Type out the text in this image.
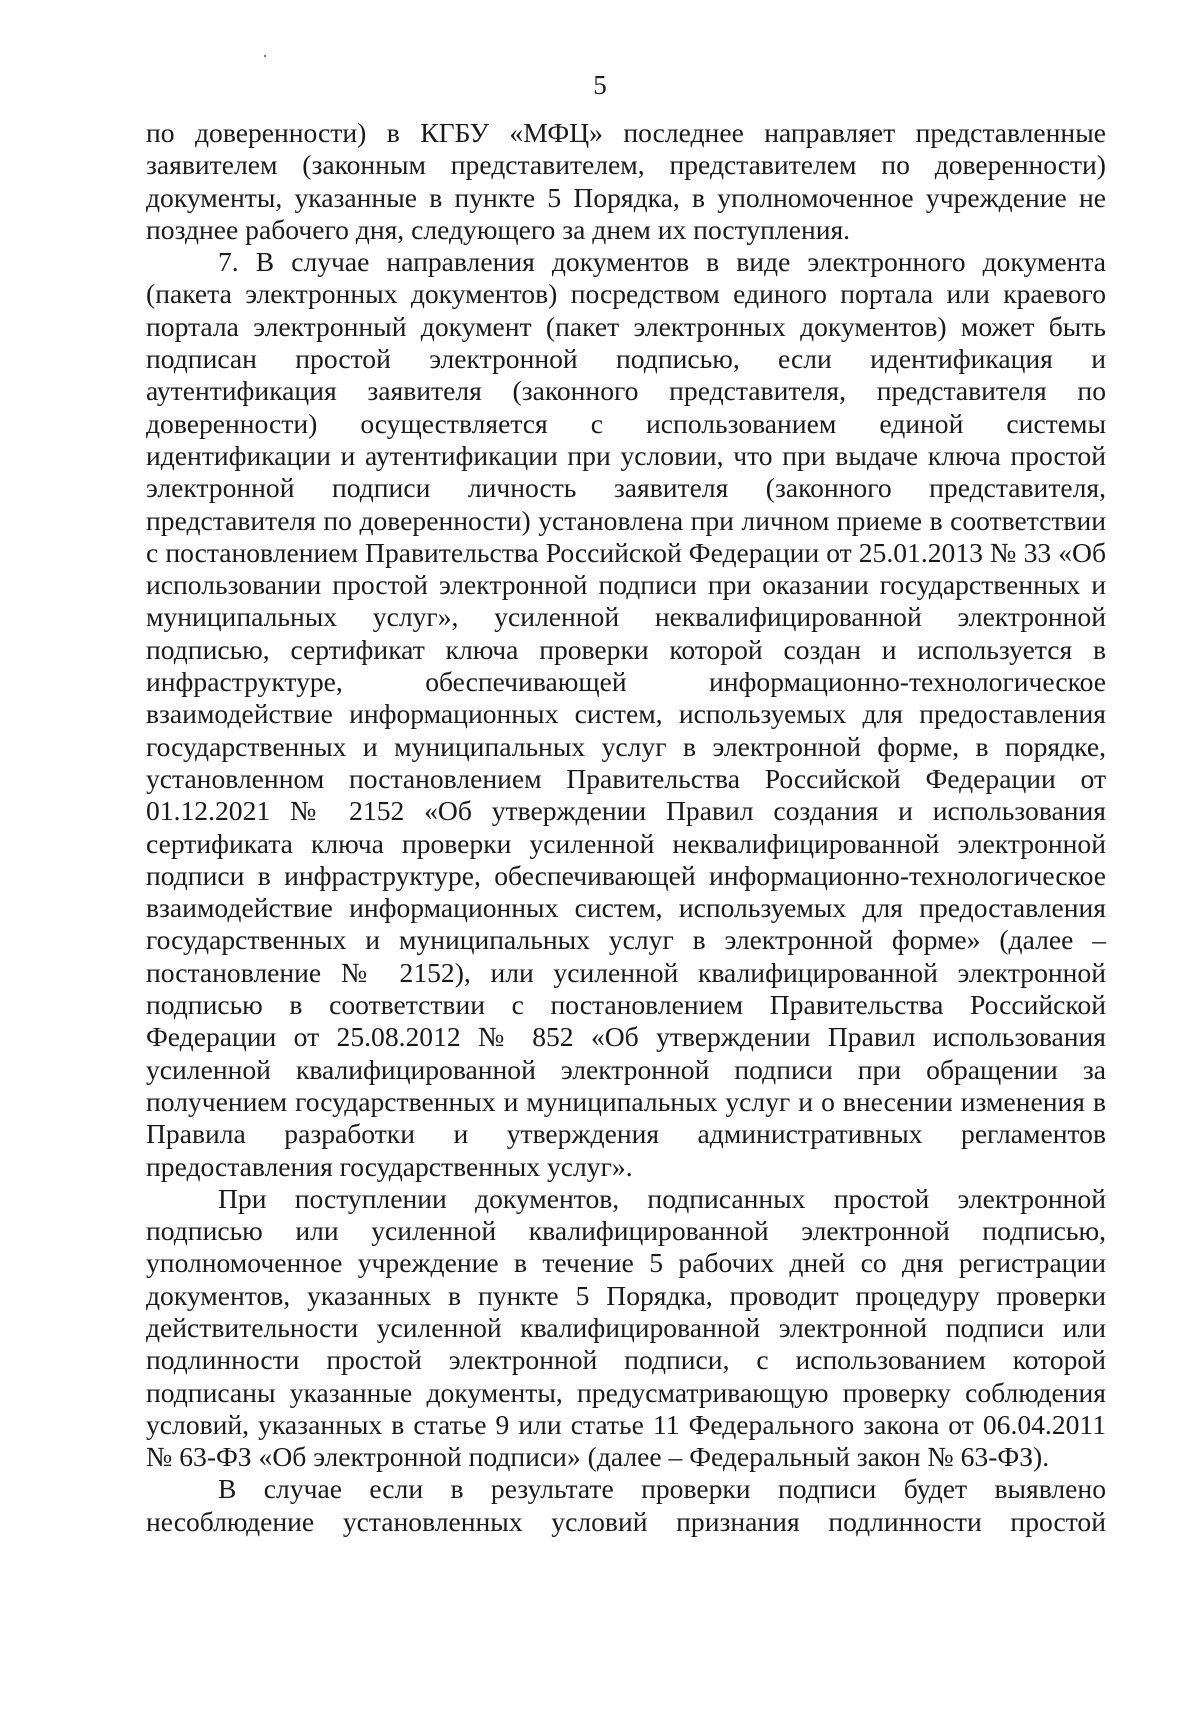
5

по доверенности) в КГБУ «МФЦ» последнее направляет представленные заявителем (законным представителем, представителем по доверенности) документы, указанные в пункте 5 Порядка, в уполномоченное учреждение не позднее рабочего дня, следующего за днем их поступления.

7. В случае направления документов в виде электронного документа (пакета электронных документов) посредством единого портала или краевого портала электронный документ (пакет электронных документов) может быть подписан простой электронной подписью, если идентификация и аутентификация заявителя (законного представителя, представителя по доверенности) осуществляется с использованием единой системы идентификации и аутентификации при условии, что при выдаче ключа простой электронной подписи личность заявителя (законного представителя, представителя по доверенности) установлена при личном приеме в соответствии с постановлением Правительства Российской Федерации от 25.01.2013 № 33 «Об использовании простой электронной подписи при оказании государственных и муниципальных услуг», усиленной неквалифицированной электронной подписью, сертификат ключа проверки которой создан и используется в инфраструктуре, обеспечивающей информационно-технологическое взаимодействие информационных систем, используемых для предоставления государственных и муниципальных услуг в электронной форме, в порядке, установленном постановлением Правительства Российской Федерации от 01.12.2021 № 2152 «Об утверждении Правил создания и использования сертификата ключа проверки усиленной неквалифицированной электронной подписи в инфраструктуре, обеспечивающей информационно-технологическое взаимодействие информационных систем, используемых для предоставления государственных и муниципальных услуг в электронной форме» (далее – постановление № 2152), или усиленной квалифицированной электронной подписью в соответствии с постановлением Правительства Российской Федерации от 25.08.2012 № 852 «Об утверждении Правил использования усиленной квалифицированной электронной подписи при обращении за получением государственных и муниципальных услуг и о внесении изменения в Правила разработки и утверждения административных регламентов предоставления государственных услуг».

При поступлении документов, подписанных простой электронной подписью или усиленной квалифицированной электронной подписью, уполномоченное учреждение в течение 5 рабочих дней со дня регистрации документов, указанных в пункте 5 Порядка, проводит процедуру проверки действительности усиленной квалифицированной электронной подписи или подлинности простой электронной подписи, с использованием которой подписаны указанные документы, предусматривающую проверку соблюдения условий, указанных в статье 9 или статье 11 Федерального закона от 06.04.2011 № 63-ФЗ «Об электронной подписи» (далее – Федеральный закон № 63-ФЗ).

В случае если в результате проверки подписи будет выявлено несоблюдение установленных условий признания подлинности простой
